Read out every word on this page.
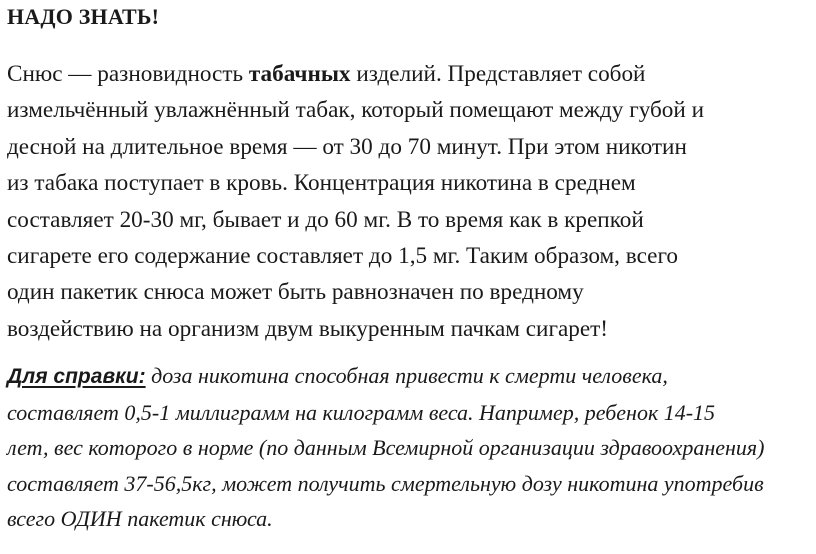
НАДО ЗНАТЬ!

Снюс — разновидность табачных изделий. Представляет собой
измельчённый увлажнённый табак, который помещают между губой и
десной на длительное время — от 30 до 70 минут. При этом никотин
из табака поступает в кровь. Концентрация никотина в среднем
составляет 20-30 мг, бывает и до 60 мг. В то время как в крепкой
сигарете его содержание составляет до 1,5 мг. Таким образом, всего
один пакетик снюса может быть равнозначен по вредному
воздействию на организм двум выкуренным пачкам сигарет!

Для справки: доза никотина способная привести к смерти человека,
составляет 0,5-1 миллиграмм на килограмм веса. Например, ребенок 14-15
лет, вес которого в норме (по данным Всемирной организации здравоохранения)
составляет 37-56,5кг, может получить смертельную дозу никотина употребив
всего ОДИН пакетик снюса.
